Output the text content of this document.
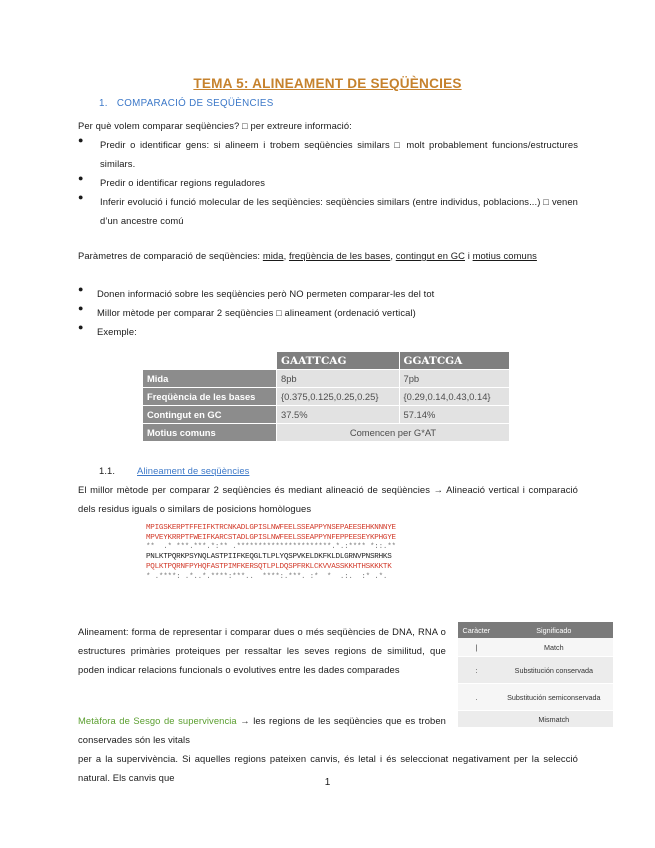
TEMA 5: ALINEAMENT DE SEQÜÈNCIES
1. COMPARACIÓ DE SEQÜÈNCIES
Per què volem comparar seqüències? □ per extreure informació:
● Predir o identificar gens: si alineem i trobem seqüències similars □ molt probablement funcions/estructures similars.
● Predir o identificar regions reguladores
● Inferir evolució i funció molecular de les seqüències: seqüències similars (entre individus, poblacions...) □ venen d’un ancestre comú
Paràmetres de comparació de seqüències: mida, freqüència de les bases, contingut en GC i motius comuns
● Donen informació sobre les seqüències però NO permeten comparar-les del tot
● Millor mètode per comparar 2 seqüències □ alineament (ordenació vertical)
● Exemple:
	GAATTCAG	GGATCGA
Mida	8pb	7pb
Freqüència de les bases	{0.375,0.125,0.25,0.25}	{0.29,0.14,0.43,0.14}
Contingut en GC	37.5%	57.14%
Motius comuns	Comencen per G*AT	
1.1. Alineament de seqüències
El millor mètode per comparar 2 seqüències és mediant alineació de seqüències → Alineació vertical i comparació dels residus iguals o similars de posicions homòlogues
MPIGSKERPTFFEIFKTRCNKADLGPISLNWFEELSSEAPPYNSEPAEESEHKNNNYE
MPVEYKRRPTFWEIFKARCSTADLGPISLNWFEELSSEAPPYNFEPPEESEYKPHGYE
**  .* ***.***.*:** .**********************.*.:**** *::.**
PNLKTPQRKPSYNQLASTPIIFKEQGLTLPLYQSPVKELDKFKLDLGRNVPNSRHKS
PQLKTPQRNFPYHQFASTPIMFKERSQTLPLDQSPFRKLCKVVASSKKHTHSKKKTK
* .****: .*..*.****:***..  ****:.***. :*  *  .:.  :* .*.
Alineament: forma de representar i comparar dues o més seqüències de DNA, RNA o estructures primàries proteiques per ressaltar les seves regions de similitud, que poden indicar relacions funcionals o evolutives entre les dades comparades
Caràcter	Significado
|	Match
:	Substitución conservada
.	Substitución semiconservada
	Mismatch
Metàfora de Sesgo de supervivencia → les regions de les seqüències que es troben conservades són les vitals
1
per a la supervivència. Si aquelles regions pateixen canvis, és letal i és seleccionat negativament per la selecció natural. Els canvis que
